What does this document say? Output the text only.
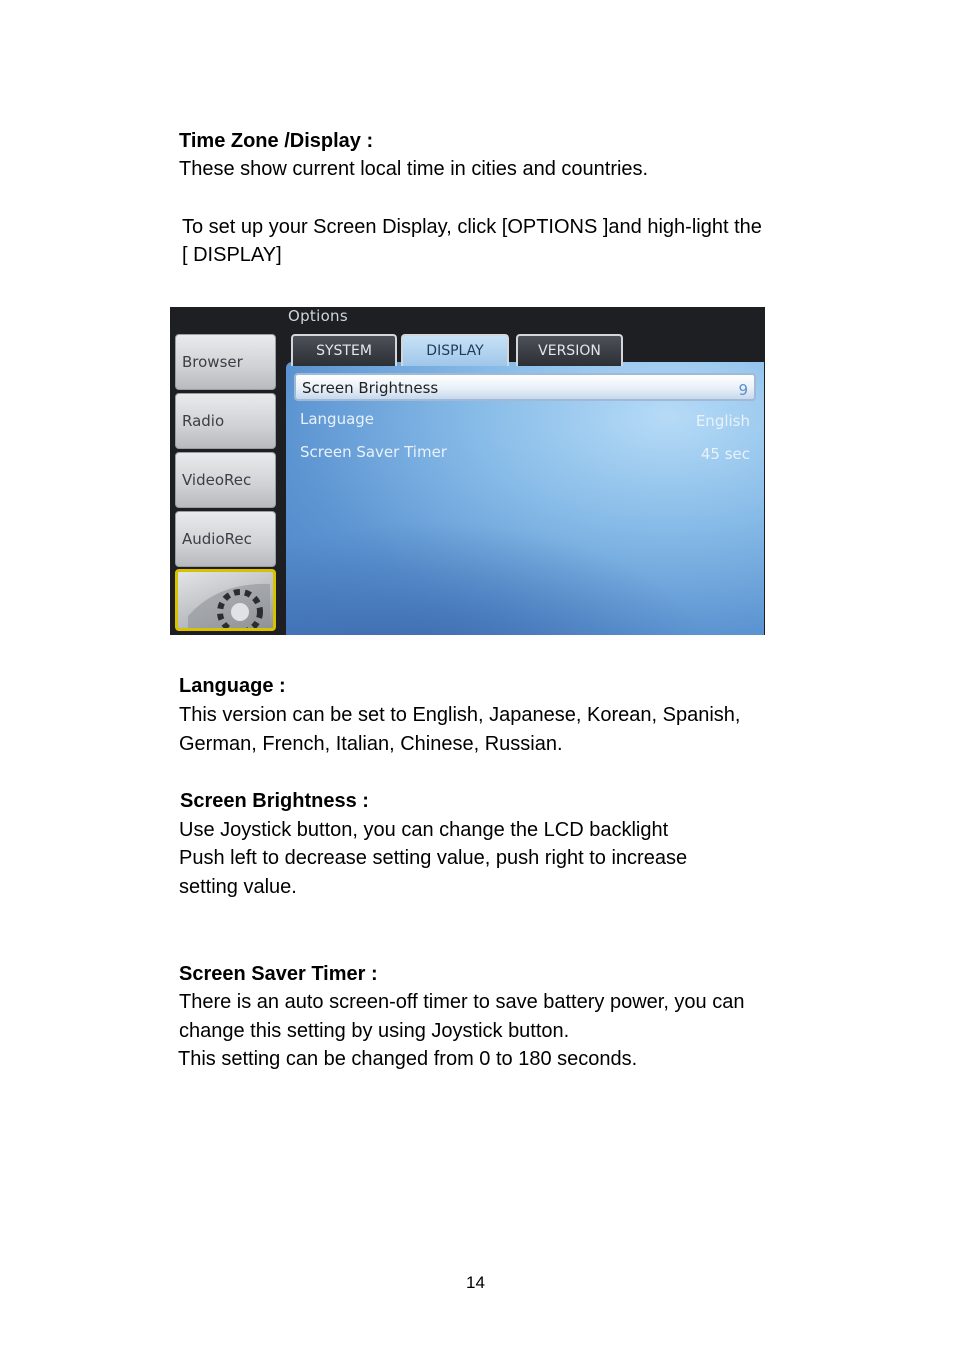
Time Zone /Display :
These show current local time in cities and countries.
To set up your Screen Display, click [OPTIONS ]and high-light the
[ DISPLAY]
Options
Browser
Radio
VideoRec
AudioRec
SYSTEM	DISPLAY	VERSION
Screen Brightness	9
Language	English
Screen Saver Timer	45 sec
Language :
This version can be set to English, Japanese, Korean, Spanish,
German, French, Italian, Chinese, Russian.
Screen Brightness :
Use Joystick button, you can change the LCD backlight
Push left to decrease setting value, push right to increase
setting value.
Screen Saver Timer :
There is an auto screen-off timer to save battery power, you can
change this setting by using Joystick button.
This setting can be changed from 0 to 180 seconds.
14
